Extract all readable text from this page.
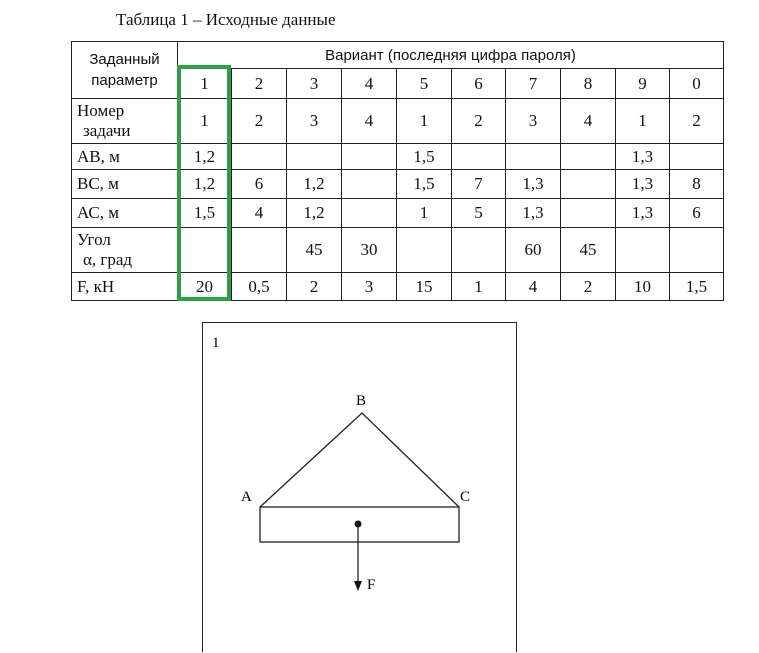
Таблица 1 – Исходные данные
Заданный
параметр	Вариант (последняя цифра пароля)									
	1	2	3	4	5	6	7	8	9	0

Номер
задачи	1	2	3	4	1	2	3	4	1	2

АВ, м	1,2				1,5				1,3	

ВС, м	1,2	6	1,2		1,5	7	1,3		1,3	8

АС, м	1,5	4	1,2		1	5	1,3		1,3	6

Угол
α, град			45	30			60	45		

F, кН	20	0,5	2	3	15	1	4	2	10	1,5
1
A
B
C
F
